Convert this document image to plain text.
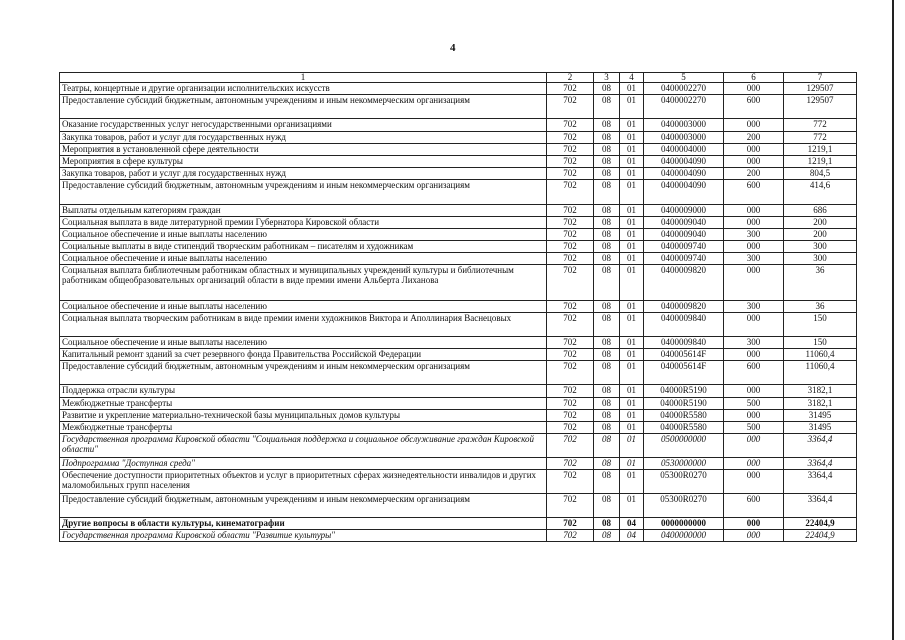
4
1	2	3	4	5	6	7
Театры, концертные и другие организации исполнительских искусств	702	08	01	0400002270	000	129507
Предоставление субсидий бюджетным, автономным учреждениям и иным некоммерческим организациям	702	08	01	0400002270	600	129507
Оказание государственных услуг негосударственными организациями	702	08	01	0400003000	000	772
Закупка товаров, работ и услуг для государственных нужд	702	08	01	0400003000	200	772
Мероприятия в установленной сфере деятельности	702	08	01	0400004000	000	1219,1
Мероприятия в сфере культуры	702	08	01	0400004090	000	1219,1
Закупка товаров, работ и услуг для государственных нужд	702	08	01	0400004090	200	804,5
Предоставление субсидий бюджетным, автономным учреждениям и иным некоммерческим организациям	702	08	01	0400004090	600	414,6
Выплаты отдельным категориям граждан	702	08	01	0400009000	000	686
Социальная выплата в виде литературной премии Губернатора Кировской области	702	08	01	0400009040	000	200
Социальное обеспечение и иные выплаты населению	702	08	01	0400009040	300	200
Социальные выплаты в виде стипендий творческим работникам – писателям и художникам	702	08	01	0400009740	000	300
Социальное обеспечение и иные выплаты населению	702	08	01	0400009740	300	300
Социальная выплата библиотечным работникам областных и муниципальных учреждений культуры и библиотечным работникам общеобразовательных организаций области в виде премии имени Альберта Лиханова	702	08	01	0400009820	000	36
Социальное обеспечение и иные выплаты населению	702	08	01	0400009820	300	36
Социальная выплата творческим работникам в виде премии имени художников Виктора и Аполлинария Васнецовых	702	08	01	0400009840	000	150
Социальное обеспечение и иные выплаты населению	702	08	01	0400009840	300	150
Капитальный ремонт зданий за счет резервного фонда Правительства Российской Федерации	702	08	01	040005614F	000	11060,4
Предоставление субсидий бюджетным, автономным учреждениям и иным некоммерческим организациям	702	08	01	040005614F	600	11060,4
Поддержка отрасли культуры	702	08	01	04000R5190	000	3182,1
Межбюджетные трансферты	702	08	01	04000R5190	500	3182,1
Развитие и укрепление материально-технической базы муниципальных домов культуры	702	08	01	04000R5580	000	31495
Межбюджетные трансферты	702	08	01	04000R5580	500	31495
Государственная программа Кировской области "Социальная поддержка и социальное обслуживание граждан Кировской области"	702	08	01	0500000000	000	3364,4
Подпрограмма "Доступная среда"	702	08	01	0530000000	000	3364,4
Обеспечение доступности приоритетных объектов и услуг в приоритетных сферах жизнедеятельности инвалидов и других маломобильных групп населения	702	08	01	05300R0270	000	3364,4
Предоставление субсидий бюджетным, автономным учреждениям и иным некоммерческим организациям	702	08	01	05300R0270	600	3364,4
Другие вопросы в области культуры, кинематографии	702	08	04	0000000000	000	22404,9
Государственная программа Кировской области "Развитие культуры"	702	08	04	0400000000	000	22404,9
